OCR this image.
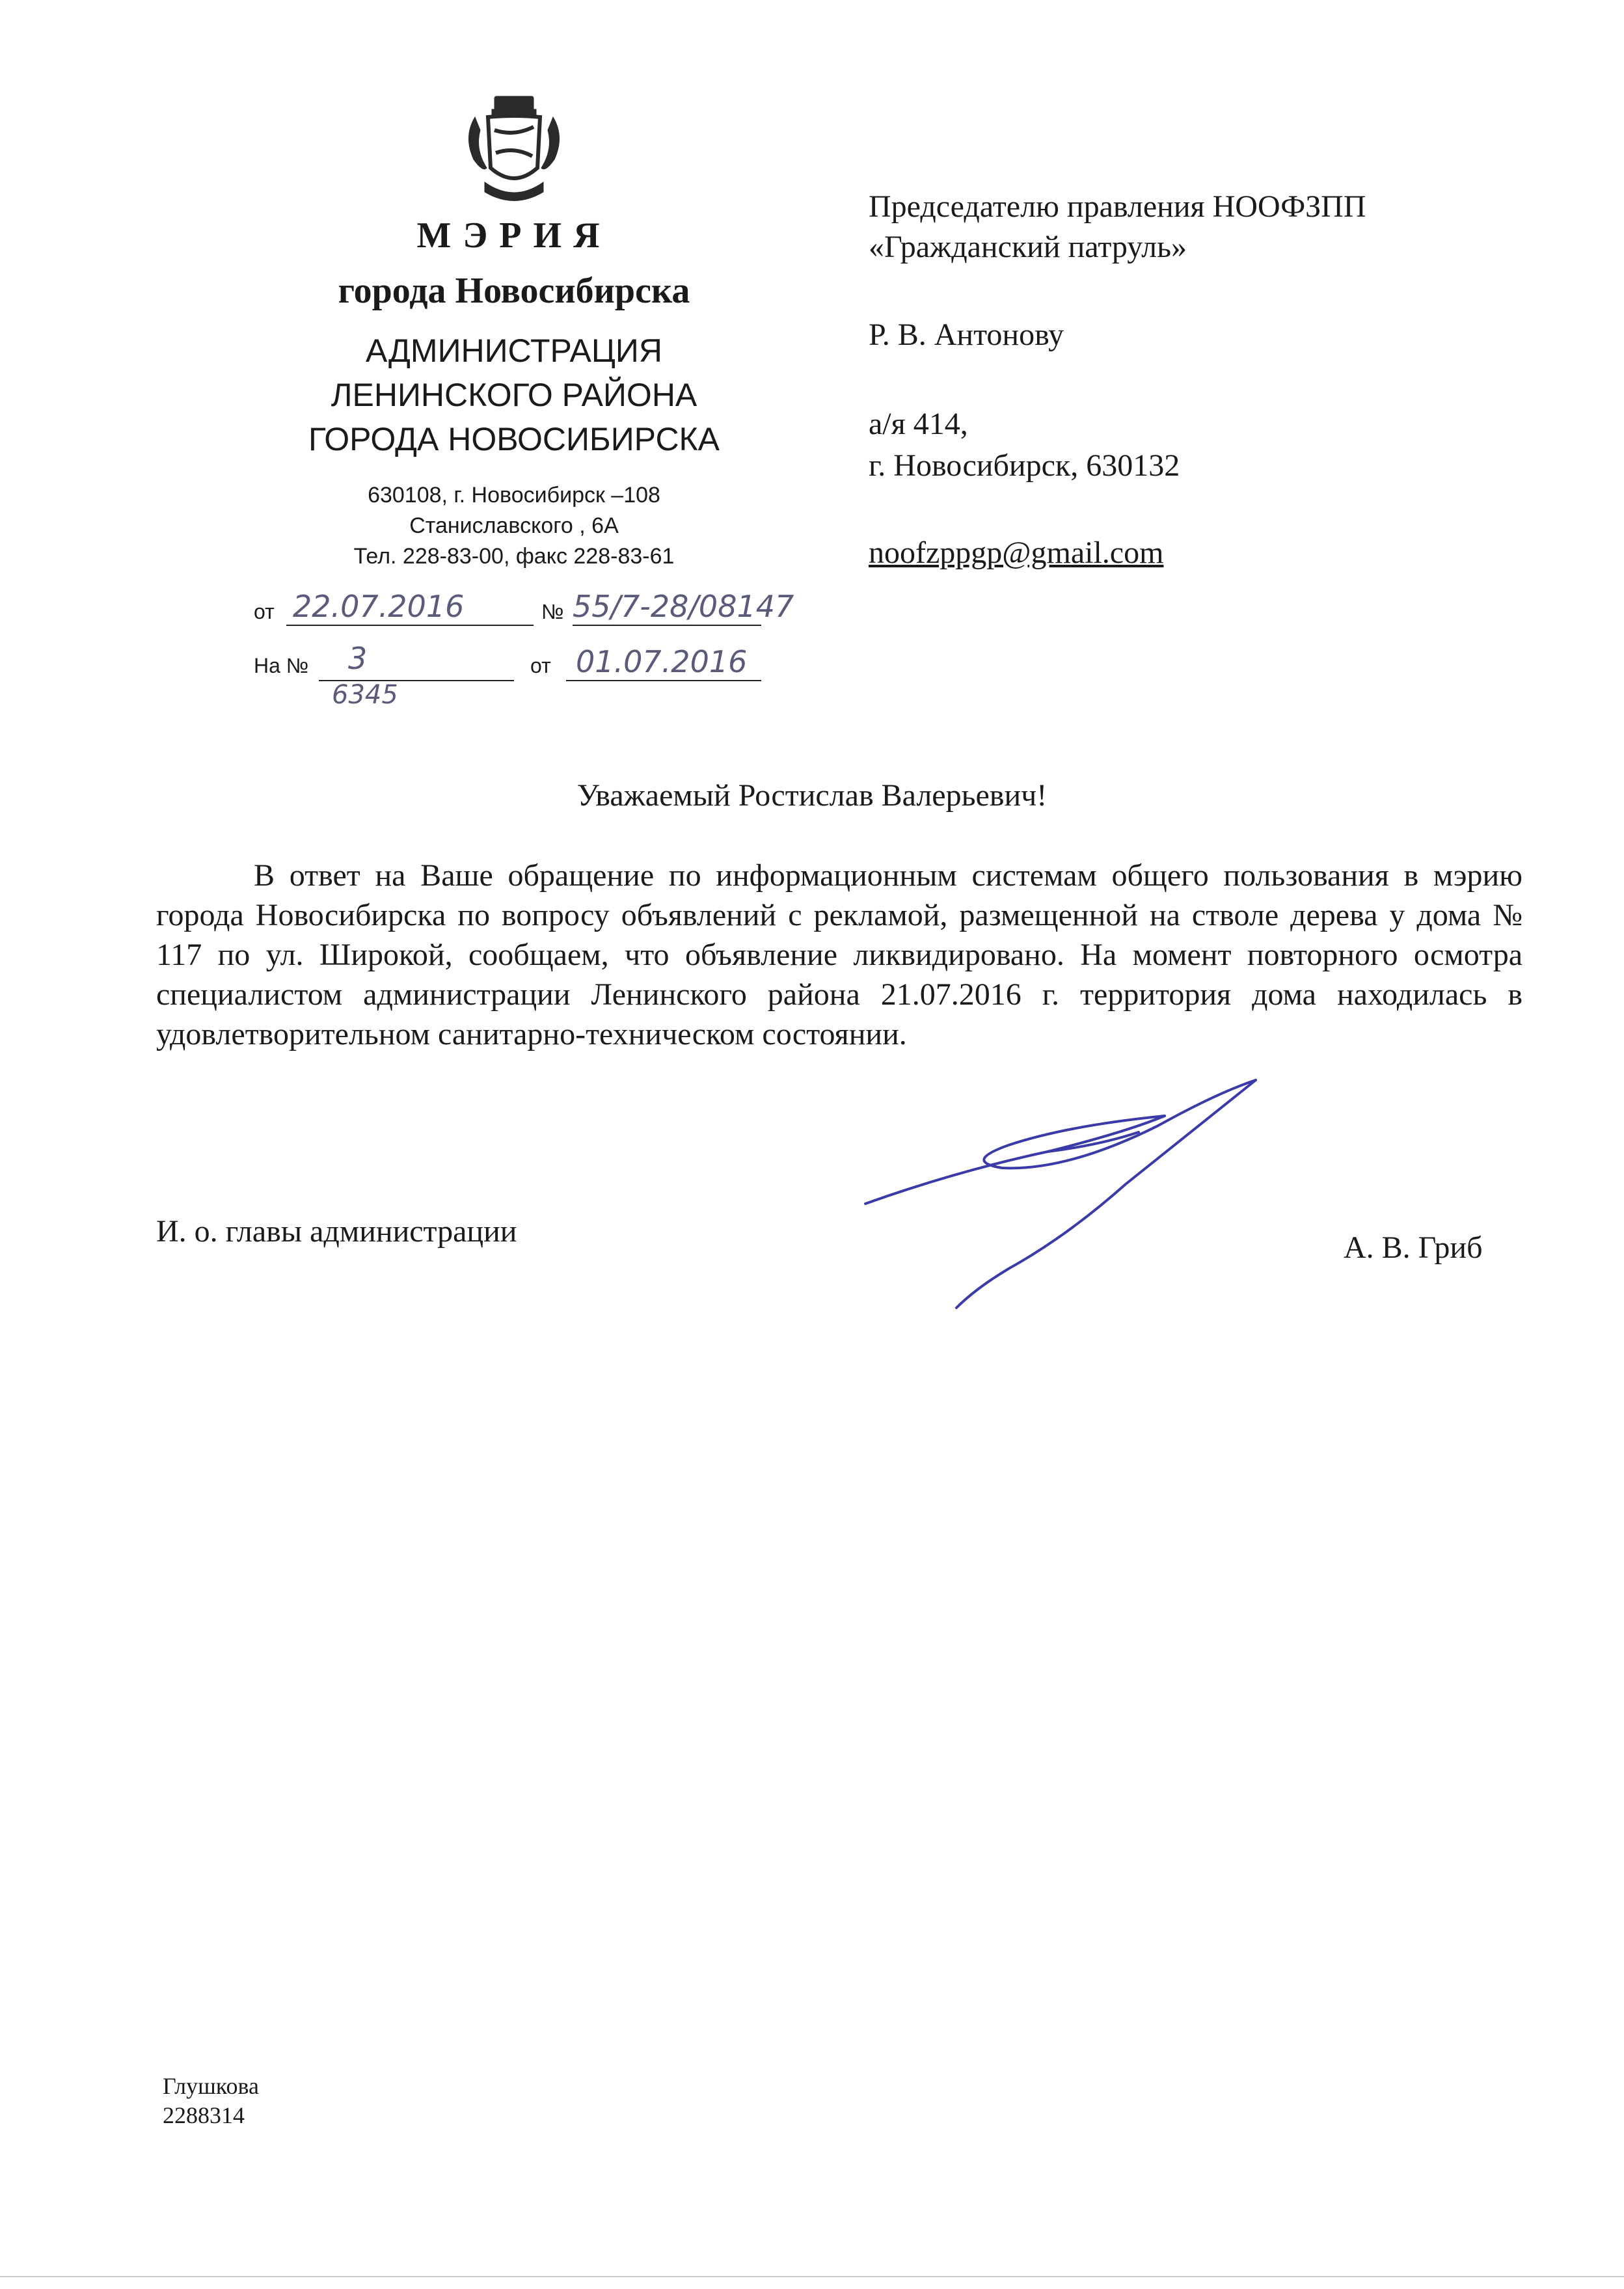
МЭРИЯ
города Новосибирска
АДМИНИСТРАЦИЯ
ЛЕНИНСКОГО РАЙОНА
ГОРОДА НОВОСИБИРСКА
630108, г. Новосибирск –108
Станиславского , 6А
Тел. 228-83-00, факс 228-83-61
от 22.07.2016	№ 55/7-28/08147
На № 3
6345
от 01.07.2016
Председателю правления НООФЗПП
«Гражданский патруль»
Р. В. Антонову
а/я 414,
г. Новосибирск, 630132
noofzppgp@gmail.com
Уважаемый Ростислав Валерьевич!
В ответ на Ваше обращение по информационным системам общего пользования в мэрию города Новосибирска по вопросу объявлений с рекламой, размещенной на стволе дерева у дома № 117 по ул. Широкой, сообщаем, что объявление ликвидировано. На момент повторного осмотра специалистом администрации Ленинского района 21.07.2016 г. территория дома находилась в удовлетворительном санитарно-техническом состоянии.
И. о. главы администрации	А. В. Гриб
Глушкова
2288314
